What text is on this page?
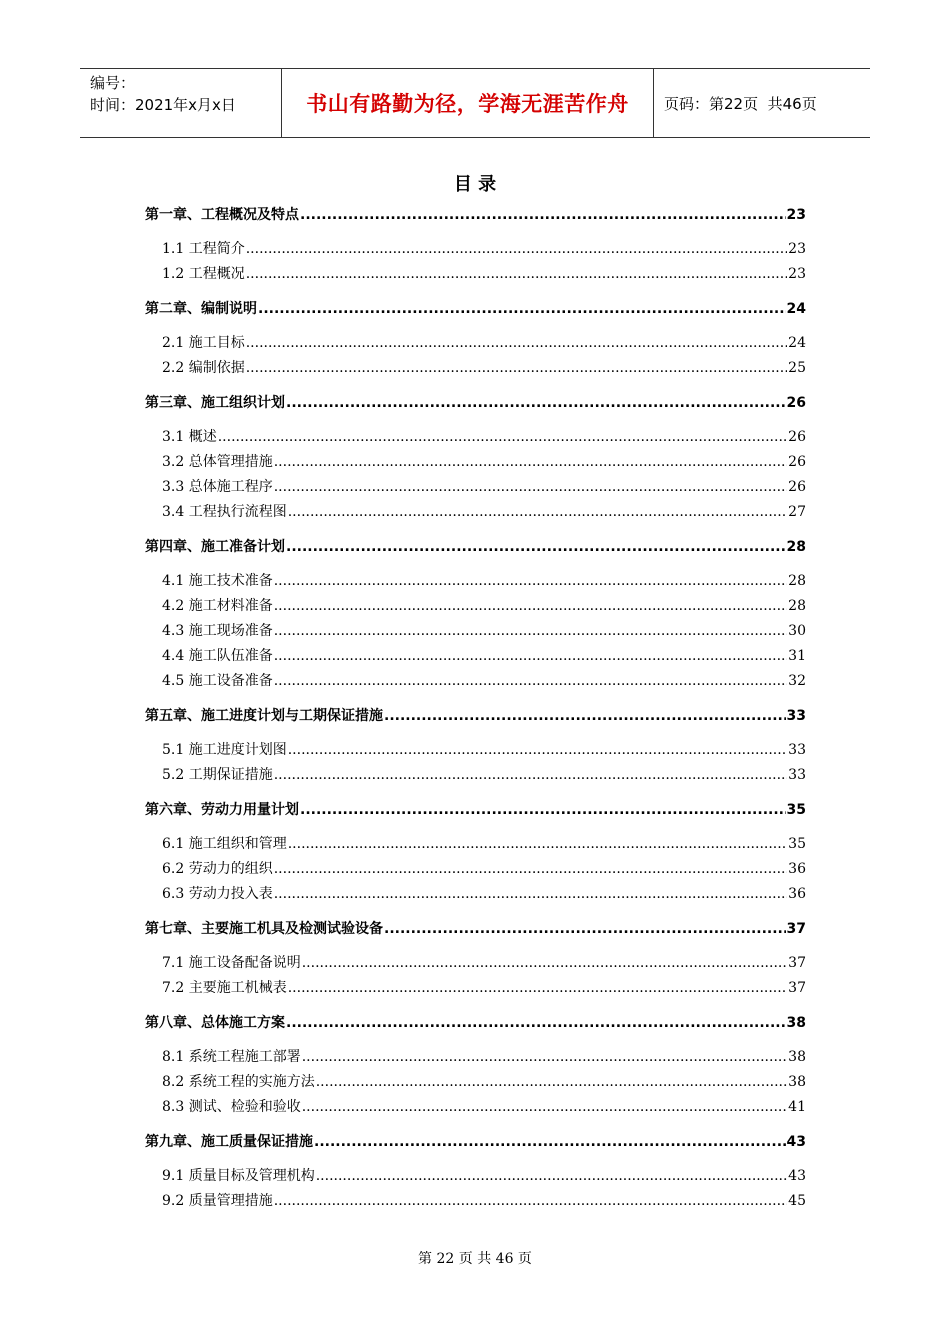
编号：
时间：2021年x月x日	书山有路勤为径，学海无涯苦作舟	页码：第22页  共46页
目 录
第一章、工程概况及特点 .....	23
1.1 工程简介 .....	23
1.2 工程概况 .....	23
第二章、编制说明 .....	24
2.1 施工目标 .....	24
2.2 编制依据 .....	25
第三章、施工组织计划 .....	26
3.1 概述 .....	26
3.2 总体管理措施 .....	26
3.3 总体施工程序 .....	26
3.4 工程执行流程图 .....	27
第四章、施工准备计划 .....	28
4.1 施工技术准备 .....	28
4.2 施工材料准备 .....	28
4.3 施工现场准备 .....	30
4.4 施工队伍准备 .....	31
4.5 施工设备准备 .....	32
第五章、施工进度计划与工期保证措施 .....	33
5.1 施工进度计划图 .....	33
5.2 工期保证措施 .....	33
第六章、劳动力用量计划 .....	35
6.1 施工组织和管理 .....	35
6.2 劳动力的组织 .....	36
6.3 劳动力投入表 .....	36
第七章、主要施工机具及检测试验设备 .....	37
7.1 施工设备配备说明 .....	37
7.2 主要施工机械表 .....	37
第八章、总体施工方案 .....	38
8.1 系统工程施工部署 .....	38
8.2 系统工程的实施方法 .....	38
8.3 测试、检验和验收 .....	41
第九章、施工质量保证措施 .....	43
9.1 质量目标及管理机构 .....	43
9.2 质量管理措施 .....	45
第 22 页 共 46 页
